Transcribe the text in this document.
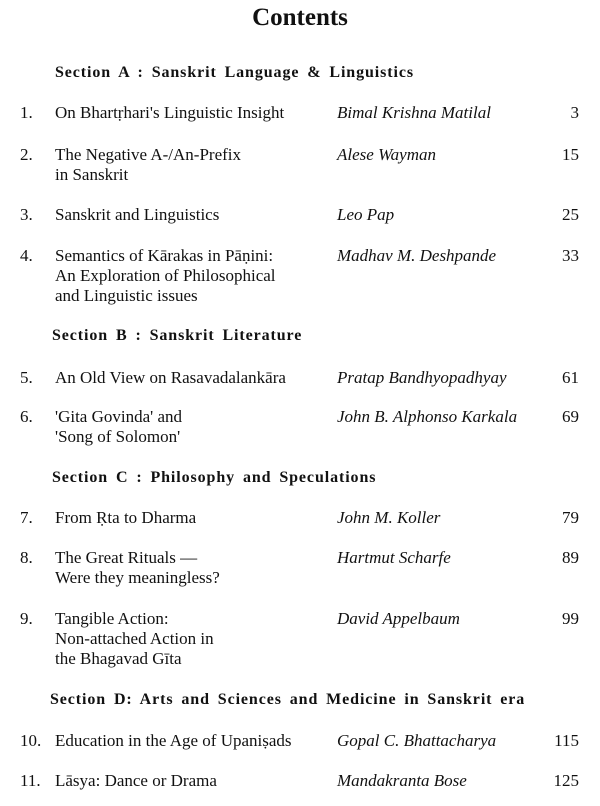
Contents
Section A : Sanskrit Language & Linguistics
1. On Bhartṛhari's Linguistic Insight	Bimal Krishna Matilal	3
2. The Negative A-/An-Prefix
in Sanskrit
Alese Wayman	15
3. Sanskrit and Linguistics	Leo Pap	25
4. Semantics of Kārakas in Pāṇini:
An Exploration of Philosophical
and Linguistic issues
Madhav M. Deshpande	33
Section B : Sanskrit Literature
5. An Old View on Rasavadalankāra	Pratap Bandhyopadhyay	61
6. 'Gita Govinda' and
'Song of Solomon'
John B. Alphonso Karkala	69
Section C : Philosophy and Speculations
7. From Ṛta to Dharma	John M. Koller	79
8. The Great Rituals —
Were they meaningless?
Hartmut Scharfe	89
9. Tangible Action:
Non-attached Action in
the Bhagavad Gīta
David Appelbaum	99
Section D: Arts and Sciences and Medicine in Sanskrit era
10. Education in the Age of Upaniṣads	Gopal C. Bhattacharya	115
11. Lāsya: Dance or Drama	Mandakranta Bose	125
